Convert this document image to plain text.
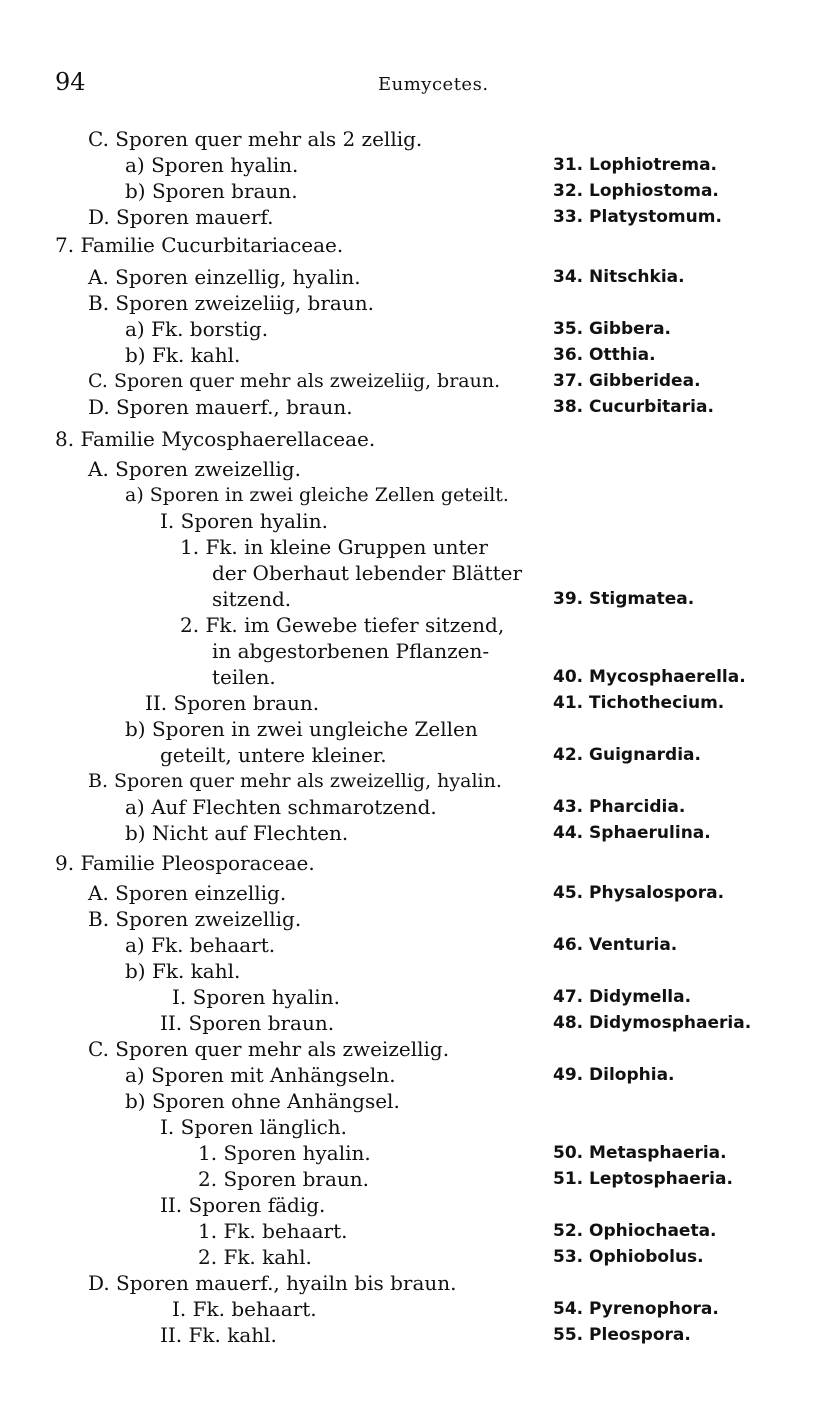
94	Eumycetes.
C. Sporen quer mehr als 2 zellig.
a) Sporen hyalin.	31. Lophiotrema.
b) Sporen braun.	32. Lophiostoma.
D. Sporen mauerf.	33. Platystomum.
7. Familie Cucurbitariaceae.
A. Sporen einzellig, hyalin.	34. Nitschkia.
B. Sporen zweizeliig, braun.
a) Fk. borstig.	35. Gibbera.
b) Fk. kahl.	36. Otthia.
C. Sporen quer mehr als zweizeliig, braun.	37. Gibberidea.
D. Sporen mauerf., braun.	38. Cucurbitaria.
8. Familie Mycosphaerellaceae.
A. Sporen zweizellig.
a) Sporen in zwei gleiche Zellen geteilt.
I. Sporen hyalin.
1. Fk. in kleine Gruppen unter
der Oberhaut lebender Blätter
sitzend.	39. Stigmatea.
2. Fk. im Gewebe tiefer sitzend,
in abgestorbenen Pflanzen-
teilen.	40. Mycosphaerella.
II. Sporen braun.	41. Tichothecium.
b) Sporen in zwei ungleiche Zellen
geteilt, untere kleiner.	42. Guignardia.
B. Sporen quer mehr als zweizellig, hyalin.
a) Auf Flechten schmarotzend.	43. Pharcidia.
b) Nicht auf Flechten.	44. Sphaerulina.
9. Familie Pleosporaceae.
A. Sporen einzellig.	45. Physalospora.
B. Sporen zweizellig.
a) Fk. behaart.	46. Venturia.
b) Fk. kahl.
I. Sporen hyalin.	47. Didymella.
II. Sporen braun.	48. Didymosphaeria.
C. Sporen quer mehr als zweizellig.
a) Sporen mit Anhängseln.	49. Dilophia.
b) Sporen ohne Anhängsel.
I. Sporen länglich.
1. Sporen hyalin.	50. Metasphaeria.
2. Sporen braun.	51. Leptosphaeria.
II. Sporen fädig.
1. Fk. behaart.	52. Ophiochaeta.
2. Fk. kahl.	53. Ophiobolus.
D. Sporen mauerf., hyailn bis braun.
I. Fk. behaart.	54. Pyrenophora.
II. Fk. kahl.	55. Pleospora.
